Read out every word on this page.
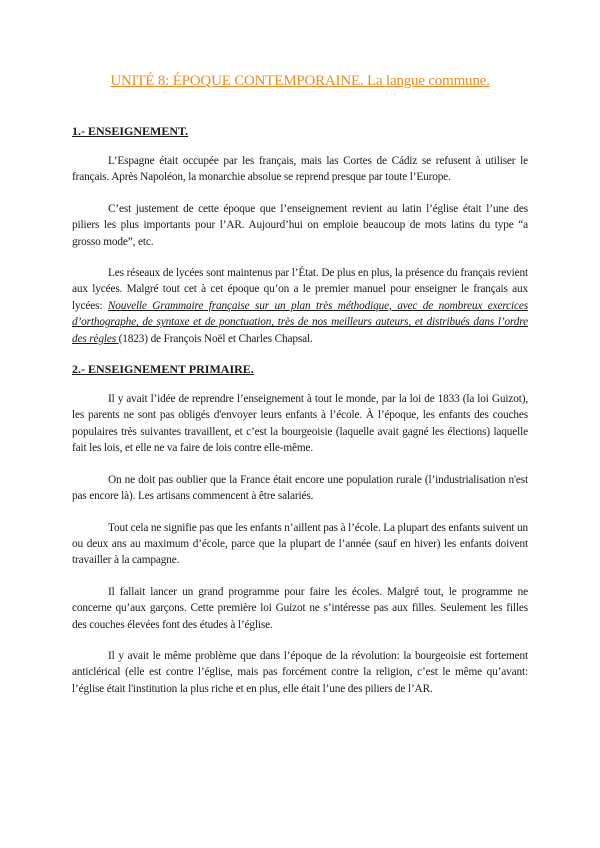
UNITÉ 8: ÉPOQUE CONTEMPORAINE. La langue commune.
1.- ENSEIGNEMENT.

L’Espagne était occupée par les français, mais las Cortes de Cádiz se refusent à utiliser le français. Après Napoléon, la monarchie absolue se reprend presque par toute l’Europe.

C’est justement de cette époque que l’enseignement revient au latin l’église était l’une des piliers les plus importants pour l’AR. Aujourd’hui on emploie beaucoup de mots latins du type “a grosso mode”, etc.

Les réseaux de lycées sont maintenus par l’État. De plus en plus, la présence du français revient aux lycées. Malgré tout cet à cet époque qu’on a le premier manuel pour enseigner le français aux lycées: Nouvelle Grammaire française sur un plan très méthodique, avec de nombreux exercices d’orthographe, de syntaxe et de ponctuation, très de nos meilleurs auteurs, et distribués dans l’ordre des règles (1823) de François Noël et Charles Chapsal.

2.- ENSEIGNEMENT PRIMAIRE.

Il y avait l’idée de reprendre l’enseignement à tout le monde, par la loi de 1833 (la loi Guizot), les parents ne sont pas obligés d'envoyer leurs enfants à l’école. À l’époque, les enfants des couches populaires très suivantes travaillent, et c’est la bourgeoisie (laquelle avait gagné les élections) laquelle fait les lois, et elle ne va faire de lois contre elle-même.

On ne doit pas oublier que la France était encore une population rurale (l’industrialisation n'est pas encore là). Les artisans commencent à être salariés.

Tout cela ne signifie pas que les enfants n’aillent pas à l’école. La plupart des enfants suivent un ou deux ans au maximum d’école, parce que la plupart de l’année (sauf en hiver) les enfants doivent travailler à la campagne.

Il fallait lancer un grand programme pour faire les écoles. Malgré tout, le programme ne concerne qu’aux garçons. Cette première loi Guizot ne s’intéresse pas aux filles. Seulement les filles des couches élevées font des études à l’église.

Il y avait le même problème que dans l’époque de la révolution: la bourgeoisie est fortement anticlérical (elle est contre l’église, mais pas forcément contre la religion, c’est le même qu’avant: l’église était l'institution la plus riche et en plus, elle était l’une des piliers de l’AR.
